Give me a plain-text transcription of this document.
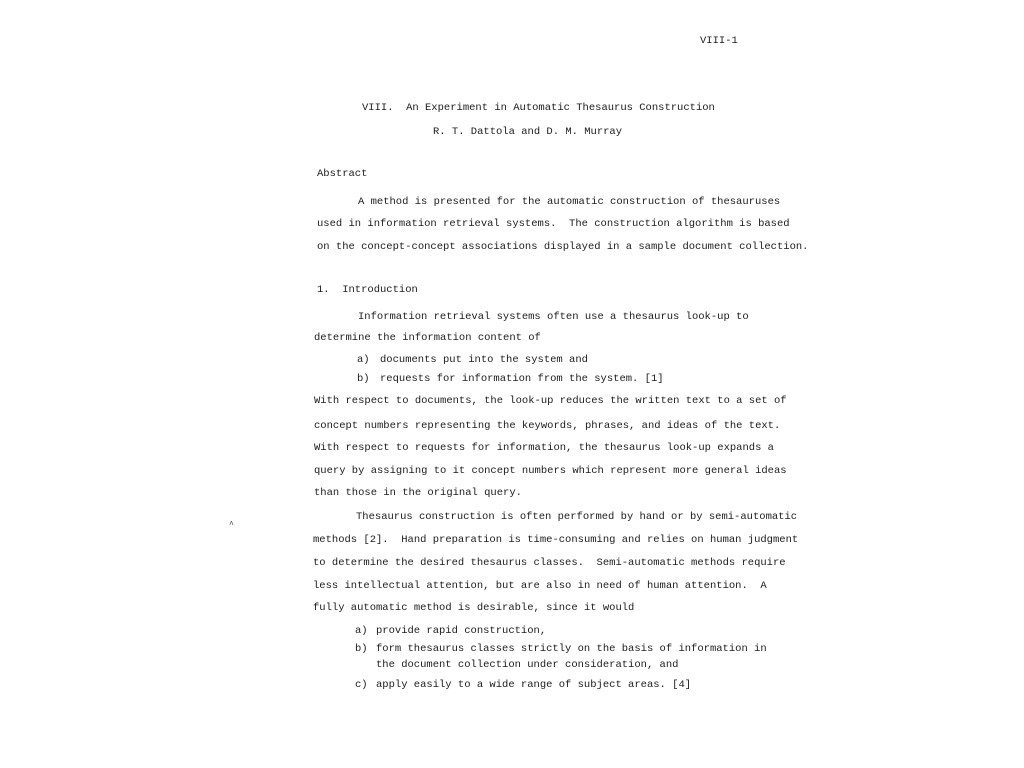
VIII-1
VIII.  An Experiment in Automatic Thesaurus Construction
R. T. Dattola and D. M. Murray
Abstract
A method is presented for the automatic construction of thesauruses
used in information retrieval systems.  The construction algorithm is based
on the concept-concept associations displayed in a sample document collection.
1.  Introduction
Information retrieval systems often use a thesaurus look-up to
determine the information content of
a) documents put into the system and
b) requests for information from the system. [1]
With respect to documents, the look-up reduces the written text to a set of
concept numbers representing the keywords, phrases, and ideas of the text.
With respect to requests for information, the thesaurus look-up expands a
query by assigning to it concept numbers which represent more general ideas
than those in the original query.
Thesaurus construction is often performed by hand or by semi-automatic
methods [2].  Hand preparation is time-consuming and relies on human judgment
to determine the desired thesaurus classes.  Semi-automatic methods require
less intellectual attention, but are also in need of human attention.  A
fully automatic method is desirable, since it would
a) provide rapid construction,
b) form thesaurus classes strictly on the basis of information in
the document collection under consideration, and
c) apply easily to a wide range of subject areas. [4]
˄
